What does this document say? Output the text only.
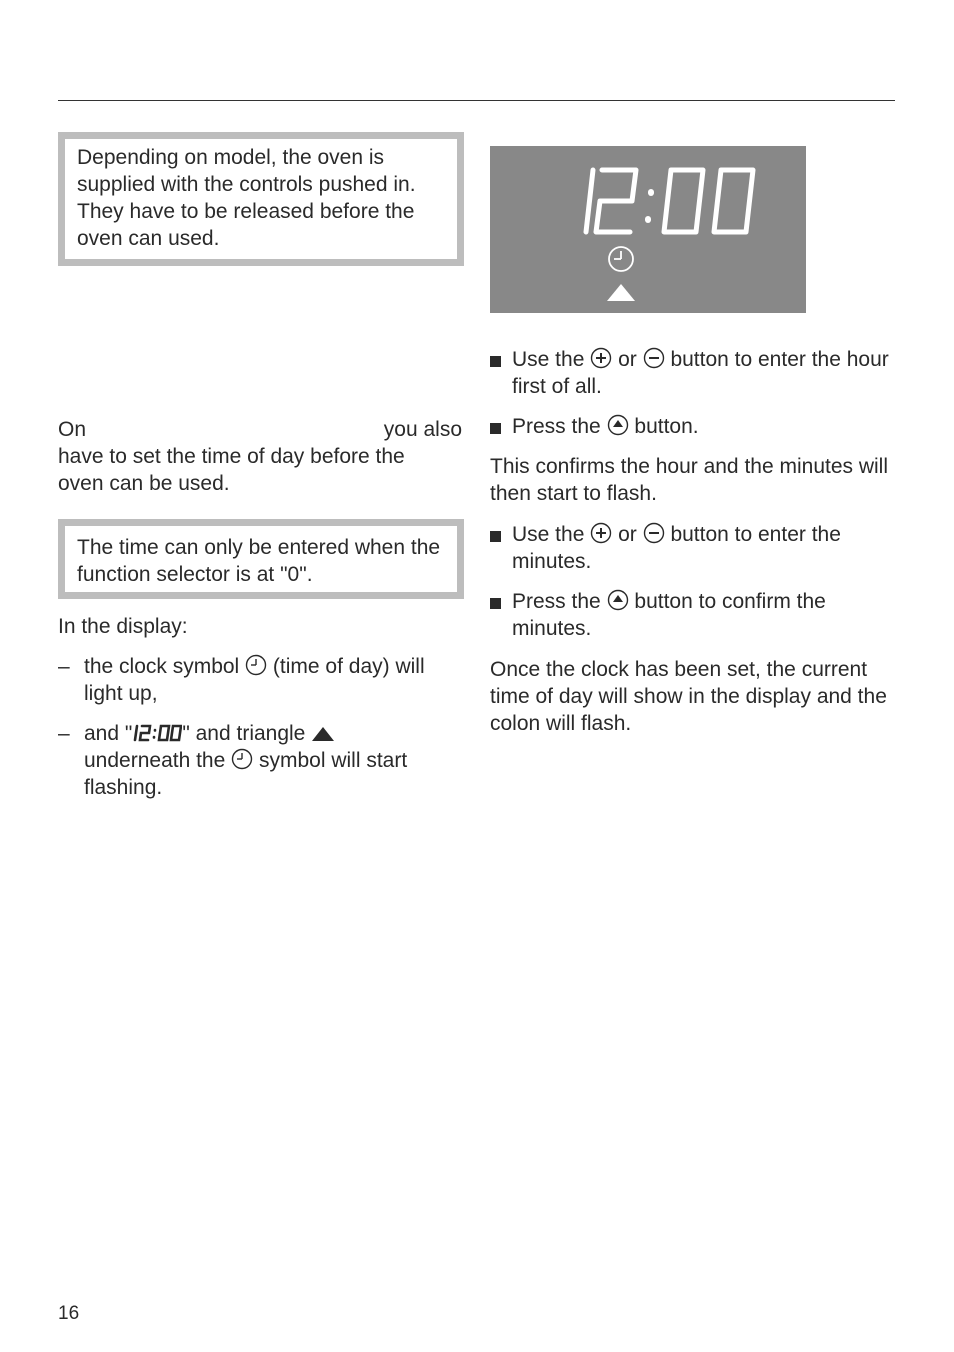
Depending on model, the oven is supplied with the controls pushed in. They have to be released before the oven can used.

On	you also

have to set the time of day before the
oven can be used.

The time can only be entered when the function selector is at "0".

In the display:

– the clock symbol (time of day) will light up,
– and " " and triangle
underneath the symbol will start flashing.
Use the or button to enter the hour first of all.
Press the button.

This confirms the hour and the minutes will then start to flash.

Use the or button to enter the minutes.
Press the button to confirm the minutes.

Once the clock has been set, the current time of day will show in the display and the colon will flash.

16
